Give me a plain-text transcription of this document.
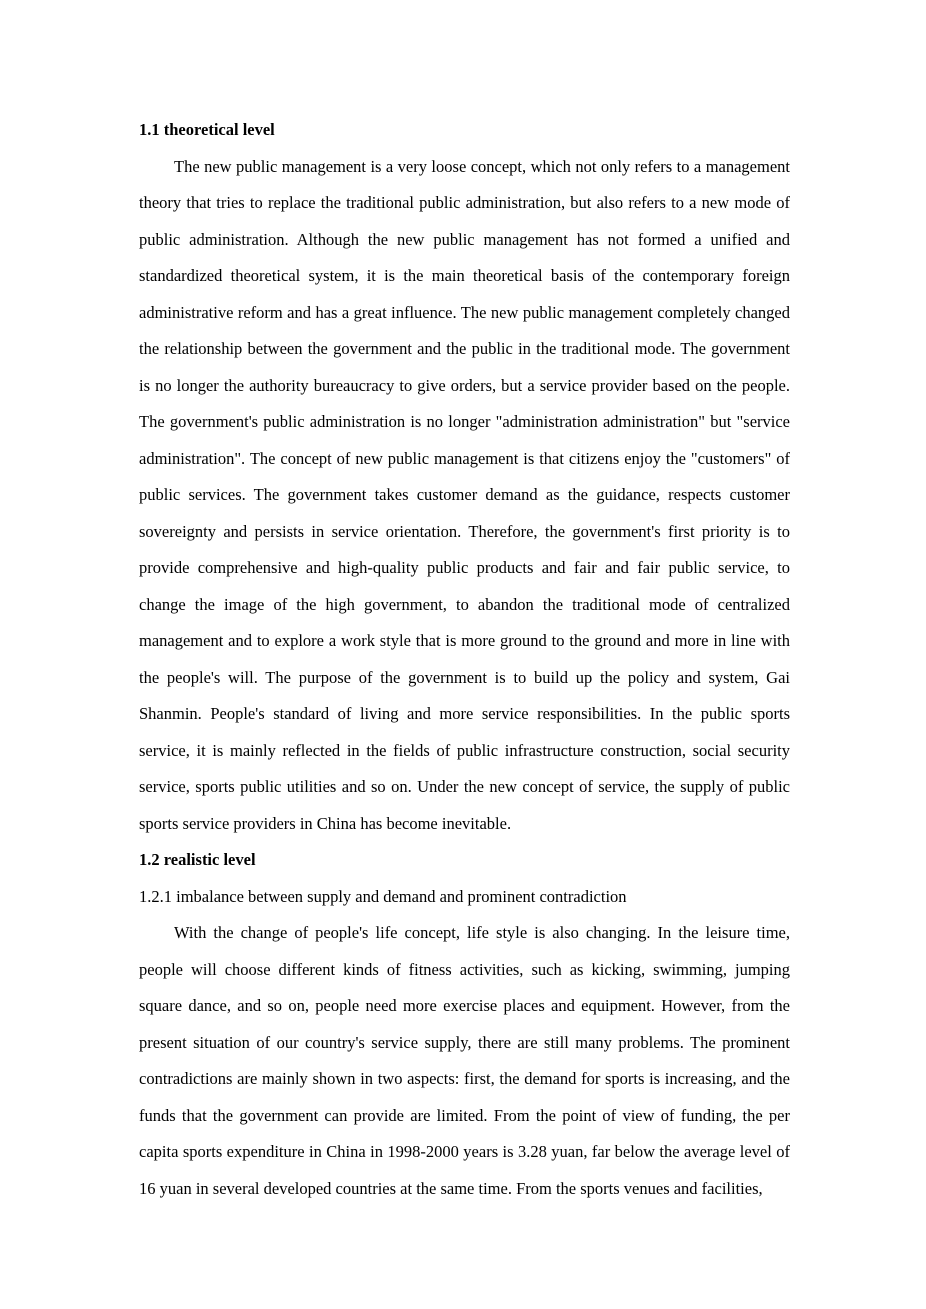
1.1 theoretical level

The new public management is a very loose concept, which not only refers to a management theory that tries to replace the traditional public administration, but also refers to a new mode of public administration. Although the new public management has not formed a unified and standardized theoretical system, it is the main theoretical basis of the contemporary foreign administrative reform and has a great influence. The new public management completely changed the relationship between the government and the public in the traditional mode. The government is no longer the authority bureaucracy to give orders, but a service provider based on the people. The government's public administration is no longer "administration administration" but "service administration". The concept of new public management is that citizens enjoy the "customers" of public services. The government takes customer demand as the guidance, respects customer sovereignty and persists in service orientation. Therefore, the government's first priority is to provide comprehensive and high-quality public products and fair and fair public service, to change the image of the high government, to abandon the traditional mode of centralized management and to explore a work style that is more ground to the ground and more in line with the people's will. The purpose of the government is to build up the policy and system, Gai Shanmin. People's standard of living and more service responsibilities. In the public sports service, it is mainly reflected in the fields of public infrastructure construction, social security service, sports public utilities and so on. Under the new concept of service, the supply of public sports service providers in China has become inevitable.

1.2 realistic level
1.2.1 imbalance between supply and demand and prominent contradiction

With the change of people's life concept, life style is also changing. In the leisure time, people will choose different kinds of fitness activities, such as kicking, swimming, jumping square dance, and so on, people need more exercise places and equipment. However, from the present situation of our country's service supply, there are still many problems. The prominent contradictions are mainly shown in two aspects: first, the demand for sports is increasing, and the funds that the government can provide are limited. From the point of view of funding, the per capita sports expenditure in China in 1998-2000 years is 3.28 yuan, far below the average level of 16 yuan in several developed countries at the same time. From the sports venues and facilities,
